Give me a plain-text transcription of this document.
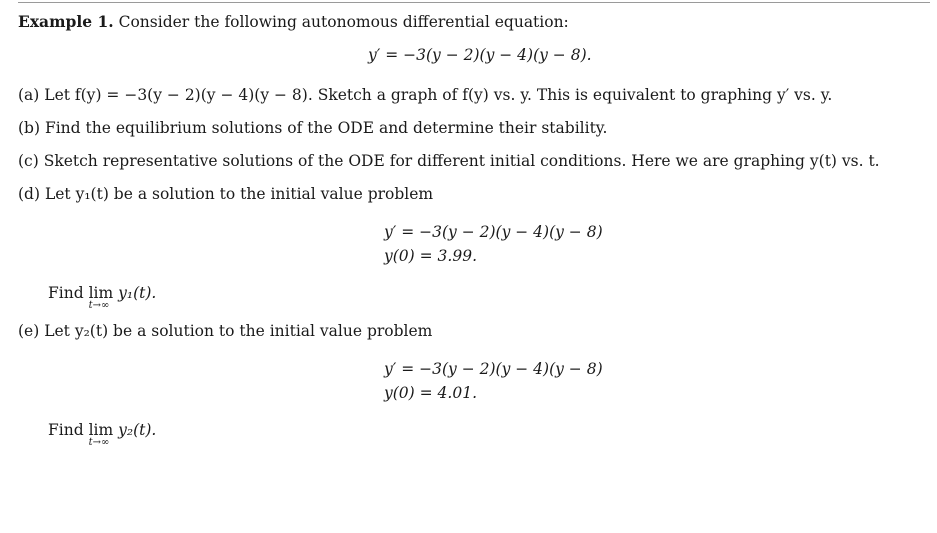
Example 1. Consider the following autonomous differential equation:
y′ = −3(y − 2)(y − 4)(y − 8).
(a) Let f(y) = −3(y − 2)(y − 4)(y − 8). Sketch a graph of f(y) vs. y. This is equivalent to graphing y′ vs. y.
(b) Find the equilibrium solutions of the ODE and determine their stability.
(c) Sketch representative solutions of the ODE for different initial conditions. Here we are graphing y(t) vs. t.
(d) Let y₁(t) be a solution to the initial value problem
y′ = −3(y − 2)(y − 4)(y − 8)
y(0) = 3.99.
Find lim
t→∞
y₁(t).
(e) Let y₂(t) be a solution to the initial value problem
y′ = −3(y − 2)(y − 4)(y − 8)
y(0) = 4.01.
Find lim
t→∞
y₂(t).
